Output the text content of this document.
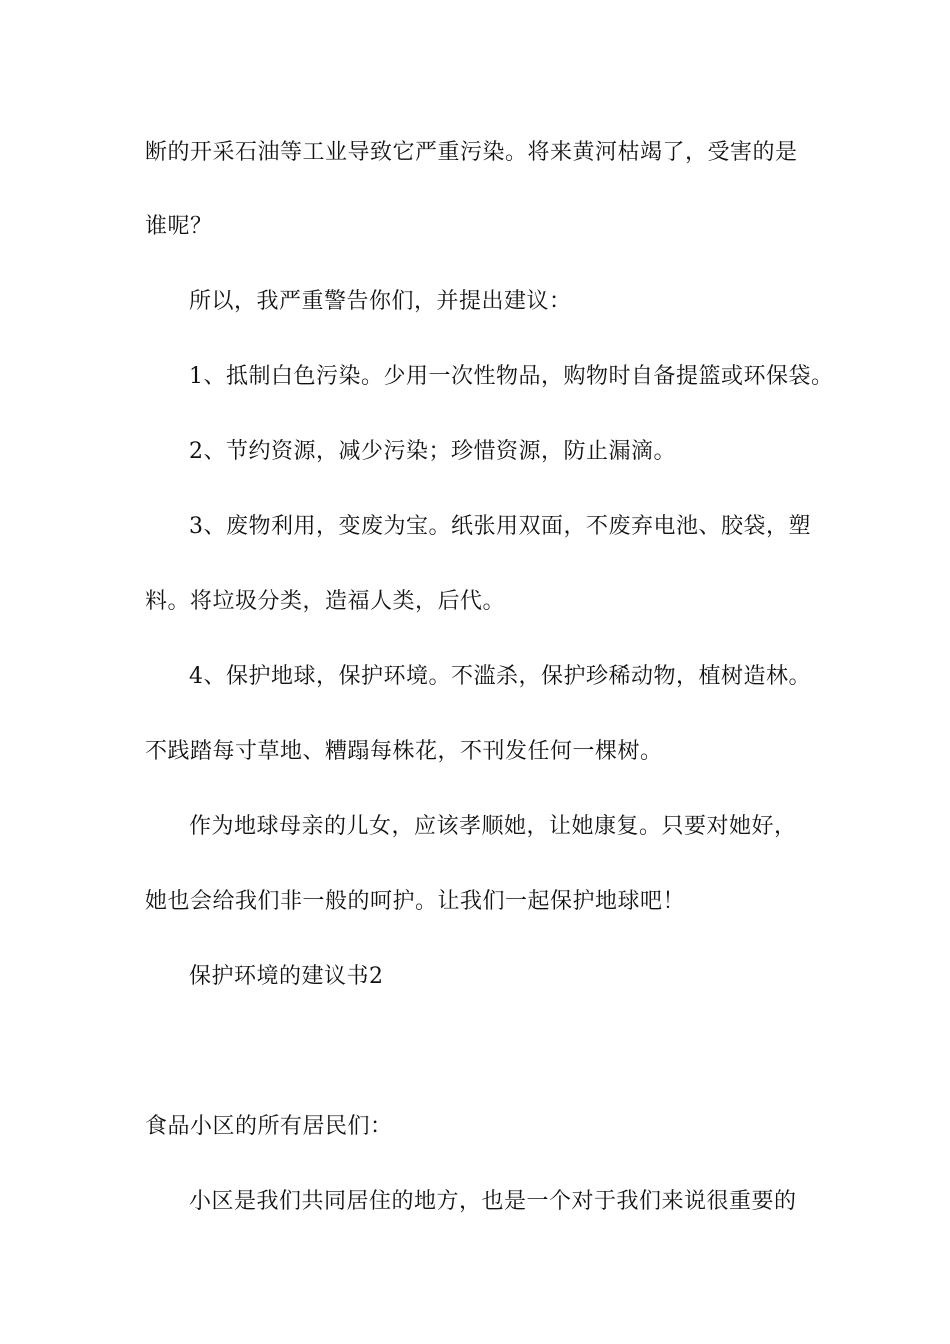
断的开采石油等工业导致它严重污染。将来黄河枯竭了，受害的是
谁呢？
所以，我严重警告你们，并提出建议：
1、抵制白色污染。少用一次性物品，购物时自备提篮或环保袋。
2、节约资源，减少污染；珍惜资源，防止漏滴。
3、废物利用，变废为宝。纸张用双面，不废弃电池、胶袋，塑
料。将垃圾分类，造福人类，后代。
4、保护地球，保护环境。不滥杀，保护珍稀动物，植树造林。
不践踏每寸草地、糟蹋每株花，不刊发任何一棵树。
作为地球母亲的儿女，应该孝顺她，让她康复。只要对她好，
她也会给我们非一般的呵护。让我们一起保护地球吧！
保护环境的建议书2
食品小区的所有居民们：
小区是我们共同居住的地方，也是一个对于我们来说很重要的
